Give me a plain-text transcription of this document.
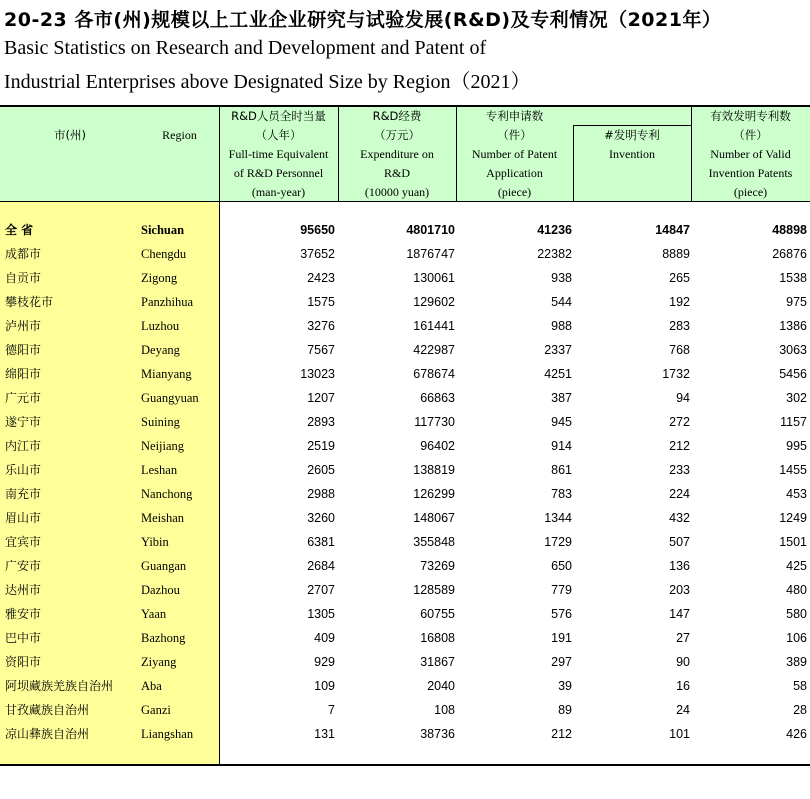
20-23 各市(州)规模以上工业企业研究与试验发展(R&D)及专利情况（2021年）
Basic Statistics on Research and Development and Patent of
Industrial Enterprises above Designated Size by Region（2021）
市(州)	Region
R&D人员全时当量
（人年）
Full-time Equivalent
of R&D Personnel
(man-year)
R&D经费
（万元）
Expenditure on
R&D
(10000 yuan)
专利申请数
（件）
Number of Patent
Application
(piece)
#发明专利
Invention
有效发明专利数
（件）
Number of Valid
Invention Patents
(piece)
全 省	Sichuan	95650	4801710	41236	14847	48898
成都市	Chengdu	37652	1876747	22382	8889	26876
自贡市	Zigong	2423	130061	938	265	1538
攀枝花市	Panzhihua	1575	129602	544	192	975
泸州市	Luzhou	3276	161441	988	283	1386
德阳市	Deyang	7567	422987	2337	768	3063
绵阳市	Mianyang	13023	678674	4251	1732	5456
广元市	Guangyuan	1207	66863	387	94	302
遂宁市	Suining	2893	117730	945	272	1157
内江市	Neijiang	2519	96402	914	212	995
乐山市	Leshan	2605	138819	861	233	1455
南充市	Nanchong	2988	126299	783	224	453
眉山市	Meishan	3260	148067	1344	432	1249
宜宾市	Yibin	6381	355848	1729	507	1501
广安市	Guangan	2684	73269	650	136	425
达州市	Dazhou	2707	128589	779	203	480
雅安市	Yaan	1305	60755	576	147	580
巴中市	Bazhong	409	16808	191	27	106
资阳市	Ziyang	929	31867	297	90	389
阿坝藏族羌族自治州 Aba	109	2040	39	16	58
甘孜藏族自治州	Ganzi	7	108	89	24	28
凉山彝族自治州	Liangshan	131	38736	212	101	426
